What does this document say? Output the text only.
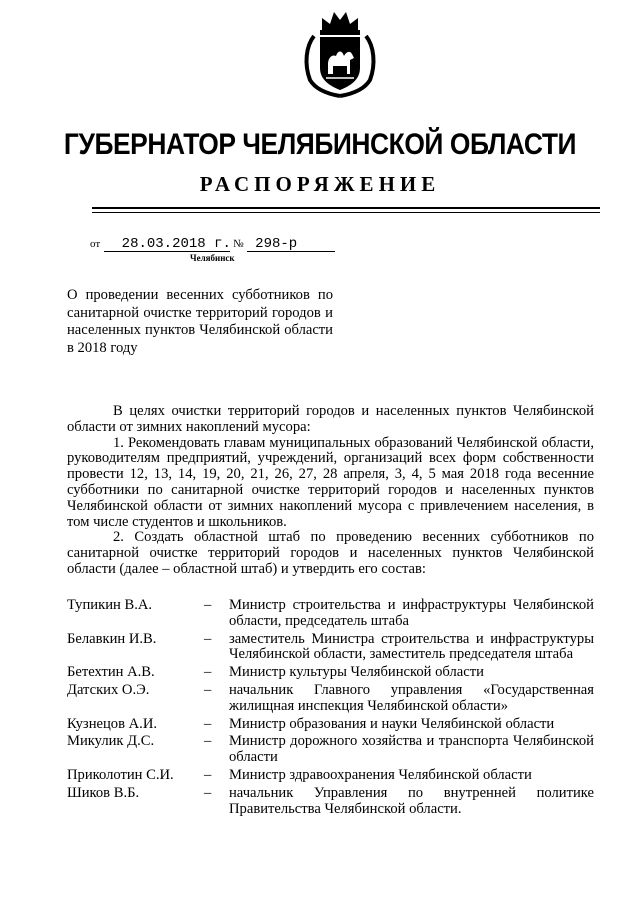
ГУБЕРНАТОР ЧЕЛЯБИНСКОЙ ОБЛАСТИ
РАСПОРЯЖЕНИЕ
от 28.03.2018 г. № 298-р
Челябинск
О проведении весенних субботников по санитарной очистке территорий городов и населенных пунктов Челябинской области в 2018 году

В целях очистки территорий городов и населенных пунктов Челябинской области от зимних накоплений мусора:

1. Рекомендовать главам муниципальных образований Челябинской области, руководителям предприятий, учреждений, организаций всех форм собственности провести 12, 13, 14, 19, 20, 21, 26, 27, 28 апреля, 3, 4, 5 мая 2018 года весенние субботники по санитарной очистке территорий городов и населенных пунктов Челябинской области от зимних накоплений мусора с привлечением населения, в том числе студентов и школьников.

2. Создать областной штаб по проведению весенних субботников по санитарной очистке территорий городов и населенных пунктов Челябинской области (далее – областной штаб) и утвердить его состав:

Тупикин В.А.	–	Министр строительства и инфраструктуры Челябинской области, председатель штаба
Белавкин И.В.	–	заместитель Министра строительства и инфраструктуры Челябинской области, заместитель председателя штаба
Бетехтин А.В.	–	Министр культуры Челябинской области
Датских О.Э.	–	начальник Главного управления «Государственная жилищная инспекция Челябинской области»
Кузнецов А.И.	–	Министр образования и науки Челябинской области
Микулик Д.С.	–	Министр дорожного хозяйства и транспорта Челябинской области
Приколотин С.И.	–	Министр здравоохранения Челябинской области
Шиков В.Б.	–	начальник Управления по внутренней политике Правительства Челябинской области.
